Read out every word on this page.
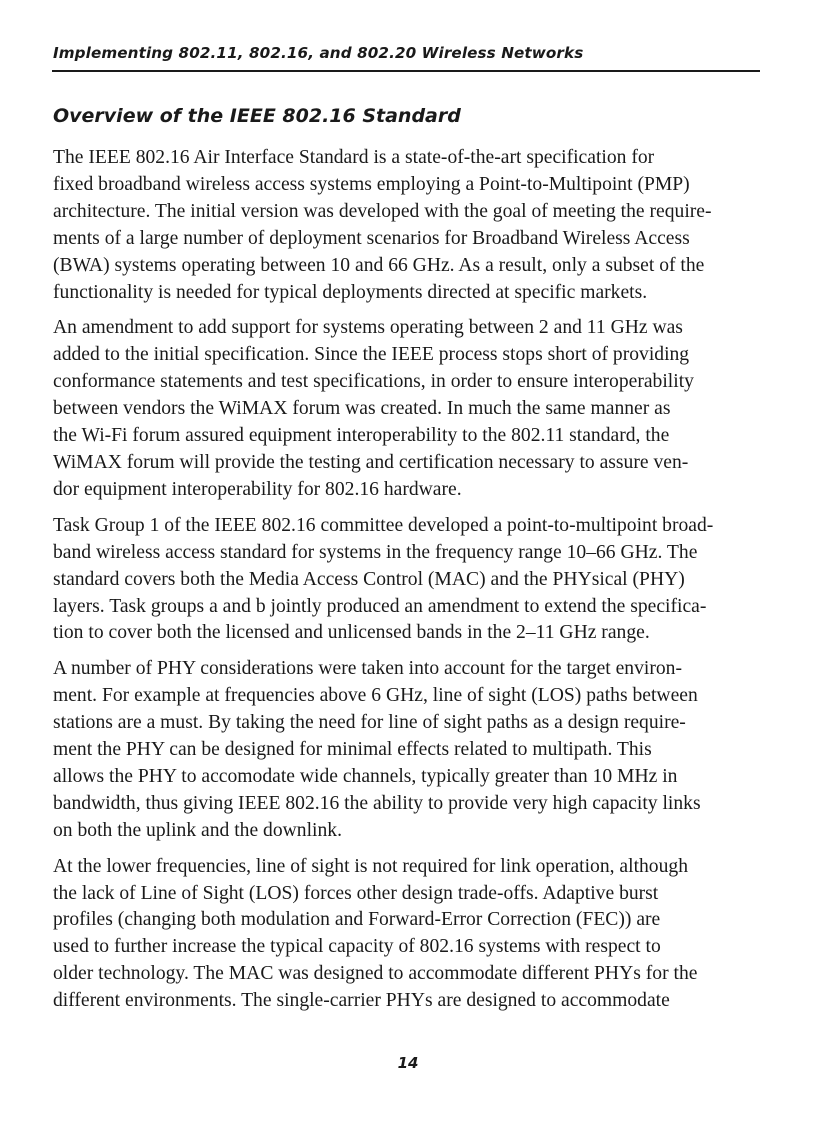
Implementing 802.11, 802.16, and 802.20 Wireless Networks
Overview of the IEEE 802.16 Standard
The IEEE 802.16 Air Interface Standard is a state-of-the-art specification for
fixed broadband wireless access systems employing a Point-to-Multipoint (PMP)
architecture. The initial version was developed with the goal of meeting the require-
ments of a large number of deployment scenarios for Broadband Wireless Access
(BWA) systems operating between 10 and 66 GHz. As a result, only a subset of the
functionality is needed for typical deployments directed at specific markets.
An amendment to add support for systems operating between 2 and 11 GHz was
added to the initial specification. Since the IEEE process stops short of providing
conformance statements and test specifications, in order to ensure interoperability
between vendors the WiMAX forum was created. In much the same manner as
the Wi-Fi forum assured equipment interoperability to the 802.11 standard, the
WiMAX forum will provide the testing and certification necessary to assure ven-
dor equipment interoperability for 802.16 hardware.
Task Group 1 of the IEEE 802.16 committee developed a point-to-multipoint broad-
band wireless access standard for systems in the frequency range 10–66 GHz. The
standard covers both the Media Access Control (MAC) and the PHYsical (PHY)
layers. Task groups a and b jointly produced an amendment to extend the specifica-
tion to cover both the licensed and unlicensed bands in the 2–11 GHz range.
A number of PHY considerations were taken into account for the target environ-
ment. For example at frequencies above 6 GHz, line of sight (LOS) paths between
stations are a must. By taking the need for line of sight paths as a design require-
ment the PHY can be designed for minimal effects related to multipath. This
allows the PHY to accomodate wide channels, typically greater than 10 MHz in
bandwidth, thus giving IEEE 802.16 the ability to provide very high capacity links
on both the uplink and the downlink.
At the lower frequencies, line of sight is not required for link operation, although
the lack of Line of Sight (LOS) forces other design trade-offs. Adaptive burst
profiles (changing both modulation and Forward-Error Correction (FEC)) are
used to further increase the typical capacity of 802.16 systems with respect to
older technology. The MAC was designed to accommodate different PHYs for the
different environments. The single-carrier PHYs are designed to accommodate
14
